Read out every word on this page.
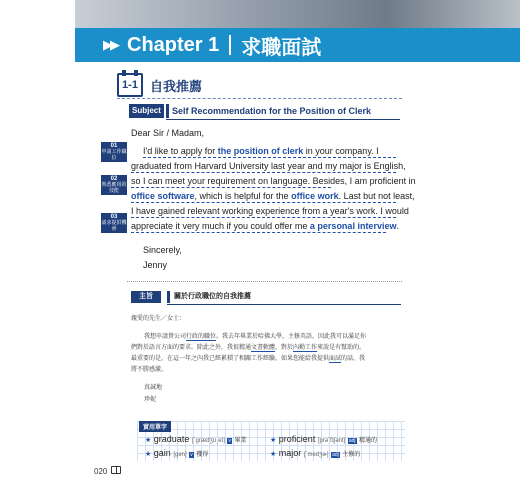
▶▶ Chapter 1 求職面試
1-1 自我推薦
Subject	Self Recommendation for the Position of Clerk
Dear Sir / Madam,
I'd like to apply for the position of clerk in your company. I
graduated from Harvard University last year and my major is English,
so I can meet your requirement on language. Besides, I am proficient in
office software, which is helpful for the office work. Last but not least,
I have gained relevant working experience from a year's work. I would
appreciate it very much if you could offer me a personal interview.
Sincerely,
Jenny
01
申請工作職位
02
熟悉應用的技能
03
請求提供機會
主旨	關於行政職位的自我推薦
親愛的先生／女士：
我想申請貴公司行政的職位。我去年畢業於哈佛大學，主修英語，因此我可以滿足你
們對於語言方面的要求。除此之外，我很精通文書軟體，對於內勤工作來說是有幫助的。
最重要的是，在這一年之內我已經累積了相關工作經驗。如果您能給我提供面試的話，我
將不勝感激。
真誠地
珍妮
實用單字
★ graduate [ˋgrædʒʊ͵et] v 畢業	★ proficient [prəˋfɪʃənt] adj 精通的
★ gain [gen] v 獲得	★ major [ˋmedʒɚ] adj 主修的
020
